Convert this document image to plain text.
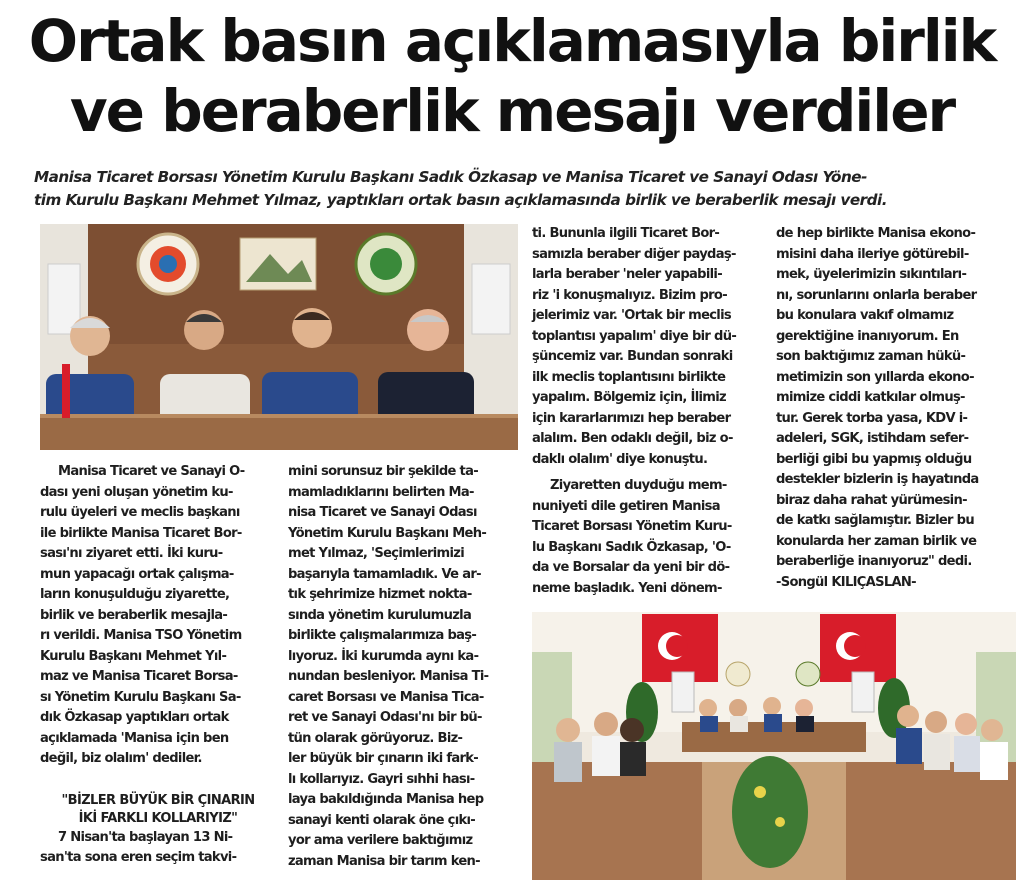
Ortak basın açıklamasıyla birlik
ve beraberlik mesajı verdiler
Manisa Ticaret Borsası Yönetim Kurulu Başkanı Sadık Özkasap ve Manisa Ticaret ve Sanayi Odası Yöne-
tim Kurulu Başkanı Mehmet Yılmaz, yaptıkları ortak basın açıklamasında birlik ve beraberlik mesajı verdi.
Manisa Ticaret ve Sanayi O-
dası yeni oluşan yönetim ku-
rulu üyeleri ve meclis başkanı
ile birlikte Manisa Ticaret Bor-
sası'nı ziyaret etti. İki kuru-
mun yapacağı ortak çalışma-
ların konuşulduğu ziyarette,
birlik ve beraberlik mesajla-
rı verildi. Manisa TSO Yönetim
Kurulu Başkanı Mehmet Yıl-
maz ve Manisa Ticaret Borsa-
sı Yönetim Kurulu Başkanı Sa-
dık Özkasap yaptıkları ortak
açıklamada 'Manisa için ben
değil, biz olalım' dediler.
"BİZLER BÜYÜK BİR ÇINARIN
İKİ FARKLI KOLLARIYIZ"
7 Nisan'ta başlayan 13 Ni-
san'ta sona eren seçim takvi-
mini sorunsuz bir şekilde ta-
mamladıklarını belirten Ma-
nisa Ticaret ve Sanayi Odası
Yönetim Kurulu Başkanı Meh-
met Yılmaz, 'Seçimlerimizi
başarıyla tamamladık. Ve ar-
tık şehrimize hizmet nokta-
sında yönetim kurulumuzla
birlikte çalışmalarımıza baş-
lıyoruz. İki kurumda aynı ka-
nundan besleniyor. Manisa Ti-
caret Borsası ve Manisa Tica-
ret ve Sanayi Odası'nı bir bü-
tün olarak görüyoruz. Biz-
ler büyük bir çınarın iki fark-
lı kollarıyız. Gayri sıhhi hası-
laya bakıldığında Manisa hep
sanayi kenti olarak öne çıkı-
yor ama verilere baktığımız
zaman Manisa bir tarım ken-
ti. Bununla ilgili Ticaret Bor-
samızla beraber diğer paydaş-
larla beraber 'neler yapabili-
riz 'i konuşmalıyız. Bizim pro-
jelerimiz var. 'Ortak bir meclis
toplantısı yapalım' diye bir dü-
şüncemiz var. Bundan sonraki
ilk meclis toplantısını birlikte
yapalım. Bölgemiz için, İlimiz
için kararlarımızı hep beraber
alalım. Ben odaklı değil, biz o-
daklı olalım' diye konuştu.
Ziyaretten duyduğu mem-
nuniyeti dile getiren Manisa
Ticaret Borsası Yönetim Kuru-
lu Başkanı Sadık Özkasap, 'O-
da ve Borsalar da yeni bir dö-
neme başladık. Yeni dönem-
de hep birlikte Manisa ekono-
misini daha ileriye götürebil-
mek, üyelerimizin sıkıntıları-
nı, sorunlarını onlarla beraber
bu konulara vakıf olmamız
gerektiğine inanıyorum. En
son baktığımız zaman hükü-
metimizin son yıllarda ekono-
mimize ciddi katkılar olmuş-
tur. Gerek torba yasa, KDV i-
adeleri, SGK, istihdam sefer-
berliği gibi bu yapmış olduğu
destekler bizlerin iş hayatında
biraz daha rahat yürümesin-
de katkı sağlamıştır. Bizler bu
konularda her zaman birlik ve
beraberliğe inanıyoruz" dedi.
-Songül KILIÇASLAN-
